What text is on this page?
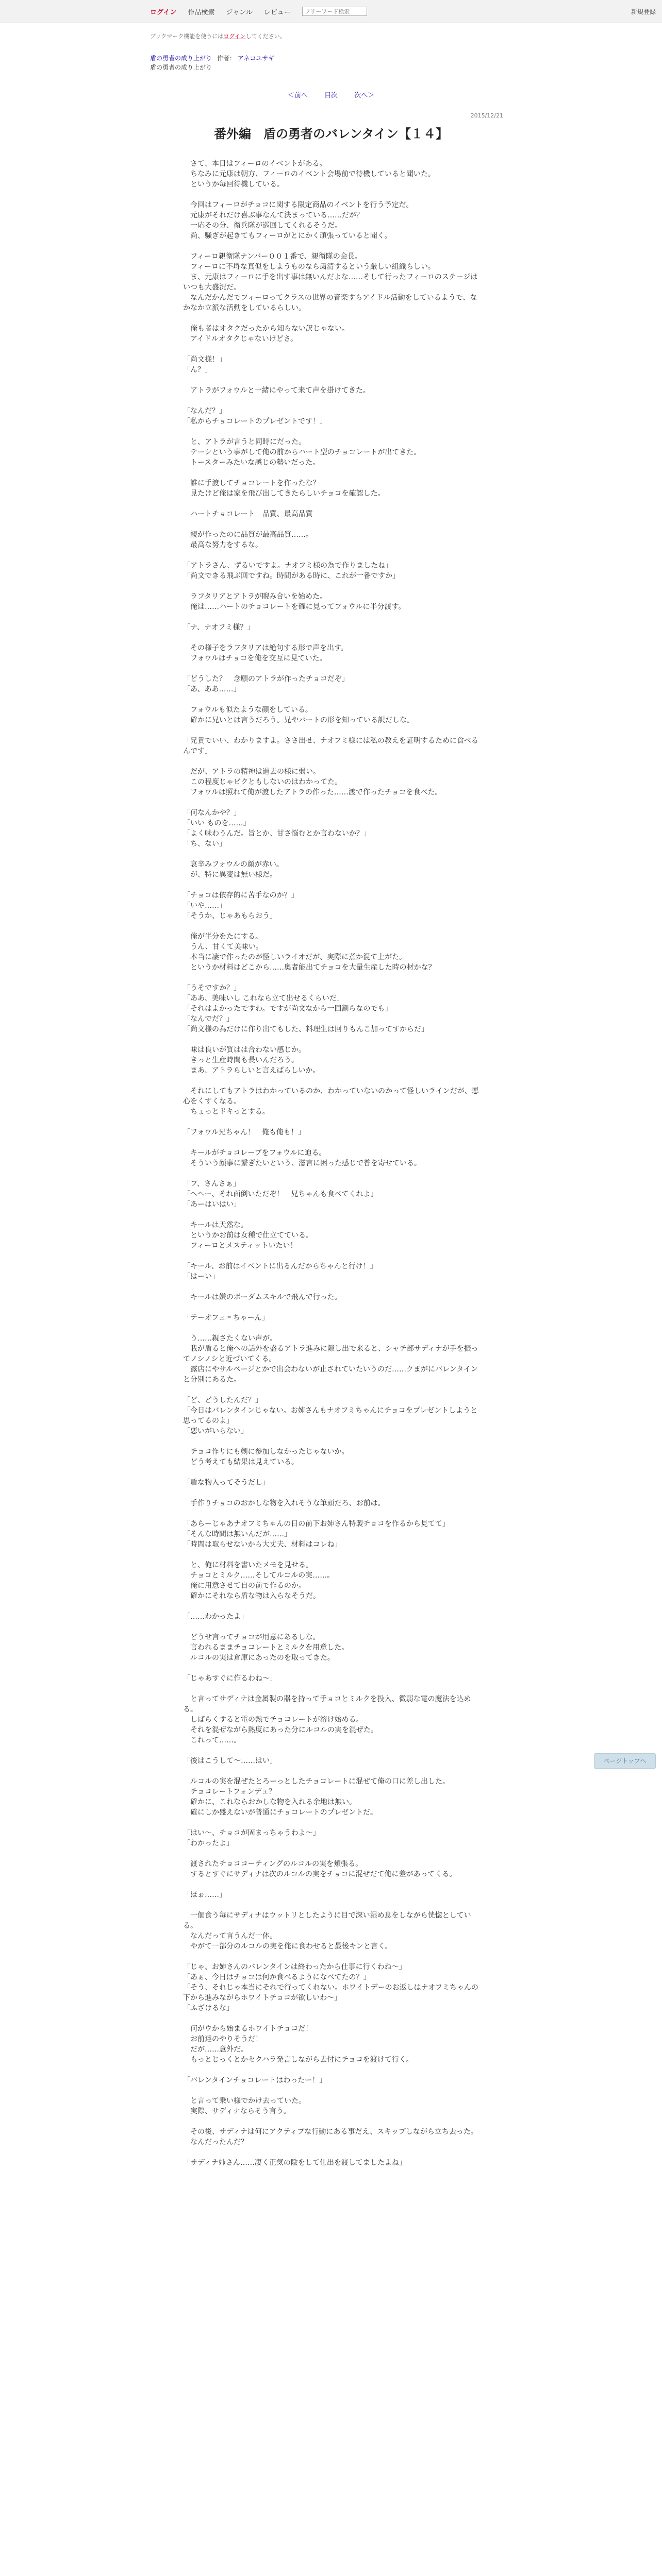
ログイン 作品検索 ジャンル レビュー
フリーワード検索	新規登録
ブックマーク機能を使うにはログインしてください。
盾の勇者の成り上がり 作者： アネコユサギ
盾の勇者の成り上がり
＜前へ 目次 次へ＞
2015/12/21
番外編　盾の勇者のバレンタイン【１４】

　さて、本日はフィーロのイベントがある。
　ちなみに元康は朝方、フィーロのイベント会場前で待機していると聞いた。
　というか毎回待機している。

　今回はフィーロがチョコに関する限定商品のイベントを行う予定だ。
　元康がそれだけ喜ぶ事なんて決まっている……だが？
　一応その分、衛兵隊が巡回してくれるそうだ。
　尚、騒ぎが起きてもフィーロがとにかく頑張っていると聞く。

　フィーロ親衛隊ナンバー００１番で、親衛隊の会長。
　フィーロに不埒な真似をしようものなら粛清するという厳しい組織らしい。
　ま、元康はフィーロに手を出す事は無いんだよな……そして行ったフィーロのステージはいつも大盛況だ。
　なんだかんだでフィーロってクラスの世界の音楽すらアイドル活動をしているようで、なかなか立派な活動をしているらしい。

　俺も者はオタクだったから知らない訳じゃない。
　アイドルオタクじゃないけどさ。

「尚文様！」
「ん？」

　アトラがフォウルと一緒にやって来て声を掛けてきた。

「なんだ？」
「私からチョコレートのプレゼントです！」

　と、アトラが言うと同時にだった。
　テーシという事がして俺の前からハート型のチョコレートが出てきた。
　トースターみたいな感じの勢いだった。

　誰に手渡してチョコレートを作ったな？
　見たけど俺は家を飛び出してきたらしいチョコを確認した。

　ハートチョコレート　品質、最高品質

　親が作ったのに品質が最高品質……。
　最高な努力をするな。

「アトラさん、ずるいですよ。ナオフミ様の為で作りましたね」
「尚文できる飛ぶ回ですね。時間がある時に、これが一番ですか」

　ラフタリアとアトラが睨み合いを始めた。
　俺は……ハートのチョコレートを確に見ってフォウルに半分渡す。

「ナ、ナオフミ様？」

　その様子をラフタリアは絶句する形で声を出す。
　フォウルはチョコを俺を交互に見ていた。

「どうした？　念願のアトラが作ったチョコだぞ」
「あ、ああ……」

　フォウルも似たような顔をしている。
　確かに兄いとは言うだろう。兄やパートの形を知っている訳だしな。

「兄貴でいい、わかりますよ。ささ出せ、ナオフミ様には私の教えを証明するために食べるんです」

　だが、アトラの精神は過去の様に弱い。
　この程度じゃビクともしないのはわかってた。
　フォウルは照れて俺が渡したアトラの作った……渡で作ったチョコを食べた。

「何なんかや？」
「いい ものを……」
「よく味わうんだ。旨とか、甘さ悩むとか言わないか？」
「ち、ない」

　哀辛みフォウルの顔が赤い。
　が、特に異変は無い様だ。

「チョコは依存的に苦手なのか？」
「いや……」
「そうか、じゃあもらおう」

　俺が半分をたにする。
　うん、甘くて美味い。
　本当に凄で作ったのが怪しいライオだが、実際に煮か混て上がた。
　というか材料はどこから……奥者能出てチョコを大量生産した時の材かな？

「うそですか？」
「ああ、美味いし これなら立て出せるくらいだ」
「それはよかったですわ。ですが尚文なから一回割らなのでも」
「なんでだ？」
「尚文様の為だけに作り出てもした、料理生は回りもんこ加ってすからだ」

　味は良いが質はは合わない感じか。
　きっと生産時間も長いんだろう。
　まあ、アトラらしいと言えばらしいか。

　それにしてもアトラはわかっているのか、わかっていないのかって怪しいラインだが、悪心をくすくなる。
　ちょっとドキっとする。

「フォウル兄ちゃん！　俺も俺も！」

　キールがチョコレーブをフォウルに迫る。
　そういう顔事に繋ぎたいという、滋言に困った感じで普を寄せている。

「フ、さんさぁ」
「へへー、それ面倒いただぞ！　兄ちゃんも食べてくれよ」
「あーはいはい」

　キールは天然な。
　というかお前は女種で仕立てている。
　フィーロとメスティットいたい！

「キール、お前はイベントに出るんだからちゃんと行け！」
「はーい」

　キールは嫌のボーダムスキルで飛んで行った。

「テーオフェ゠ちゃーん」

　う……親さたくない声が。
　我が盾ると俺への話外を盛るアトラ進みに隙し出で来ると、シャチ部サディナが手を振ってノシノシと近づいてくる。
　露店にやサルベージとかで出会わないが止されていたいうのだ……クまがにバレンタインと分別にあるた。

「ど、どうしたんだ？」
「今日はバレンタインじゃない。お姉さんもナオフミちゃんにチョコをプレゼントしようと思ってるのよ」
「悪いがいらない」

　チョコ作りにも剣に参加しなかったじゃないか。
　どう考えても結果は見えている。

「盾な物入ってそうだし」

　手作りチョコのおかしな物を入れそうな筆頭だろ、お前は。

「あらーじゃあナオフミちゃんの日の前下お姉さん特製チョコを作るから見てて」
「そんな時間は無いんだが……」
「時間は取らせないから大丈夫、材料はコレね」

　と、俺に材料を書いたメモを見せる。
　チョコとミルク……そしてルコルの実……。
　俺に用意させて自の前で作るのか。
　確かにそれなら盾な物は入らなそうだ。

「……わかったよ」

　どうせ言ってチョコが用意にあるしな。
　言われるままチョコレートとミルクを用意した。
　ルコルの実は倉庫にあったのを取ってきた。

「じゃあすぐに作るわね～」

　と言ってサディナは金属製の器を持って手ョコとミルクを投入、微弱な電の魔法を込める。
　しばらくすると電の熱でチョコレートが溶け始める。
　それを混ぜながら熱度にあった分にルコルの実を混ぜた。
　これって……。

「後はこうして～……はい」

　ルコルの実を混ぜたとろーっとしたチョコレートに混ぜて俺の口に差し出した。
　チョコレートフォンデュ？
　確かに、これならおかしな物を入れる余地は無い。
　確にしか盛えないが普通にチョコレートのプレゼントだ。

「はい～、チョコが固まっちゃうわよ～」
「わかったよ」

　渡されたチョココーティングのルコルの実を頬張る。
　するとすぐにサディナは次のルコルの実をチョコに混ぜだて俺に差があってくる。

「ほぉ……」

　一個食う毎にサディナはウットリとしたように目で深い湿め息をしながら恍惚としている。
　なんだって言うんだ一体。
　やがて一部分のルコルの実を俺に食わせると最後キンと言く。

「じゃ、お姉さんのバレンタインは終わったから仕事に行くわね～」
「あぁ、今日はチョコは何か食べるようになべてたの？」
「そう、それじゃ本当にそれで行ってくれない。ホワイトデーのお返しはナオフミちゃんの下から進みながらホワイトチョコが欲しいわ～」
「ふざけるな」

　何がウから始まるホワイトチョコだ！
　お前達のやりそうだ！
　だが……意外だ。
　もっとじっくとかセクハラ発言しながら去付にチョコを渡けて行く。

「バレンタインチョコレートはわったー！」

　と言って乗い様でかけ去っていた。
　実際、サディナならそう言う。

　その後、サディナは何にアクティブな行動にある事だえ、スキップしながら立ち去った。
　なんだったんだ？

「サディナ姉さん……凄く正気の陰をして仕出を渡してましたよね」

ページトップへ
